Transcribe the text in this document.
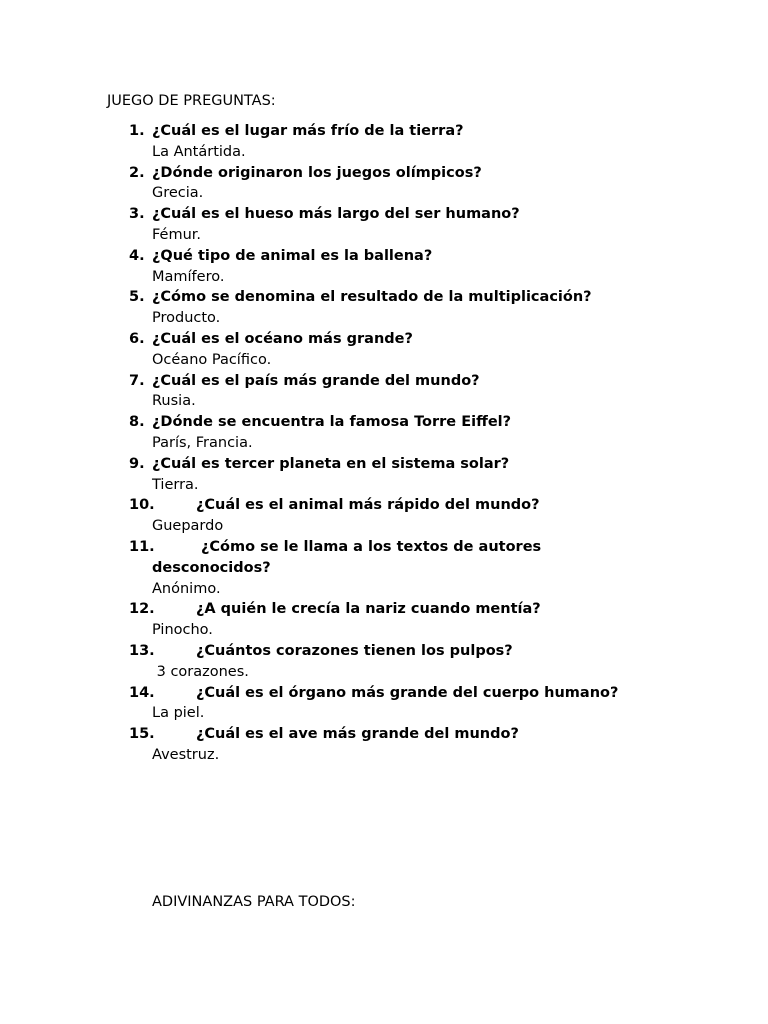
JUEGO DE PREGUNTAS:
1. ¿Cuál es el lugar más frío de la tierra?
La Antártida.
2. ¿Dónde originaron los juegos olímpicos?
Grecia.
3. ¿Cuál es el hueso más largo del ser humano?
Fémur.
4. ¿Qué tipo de animal es la ballena?
Mamífero.
5. ¿Cómo se denomina el resultado de la multiplicación?
Producto.
6. ¿Cuál es el océano más grande?
Océano Pacífico.
7. ¿Cuál es el país más grande del mundo?
Rusia.
8. ¿Dónde se encuentra la famosa Torre Eiffel?
París, Francia.
9. ¿Cuál es tercer planeta en el sistema solar?
Tierra.
10.	¿Cuál es el animal más rápido del mundo?
Guepardo
11.	¿Cómo se le llama a los textos de autores desconocidos?
Anónimo.
12.	¿A quién le crecía la nariz cuando mentía?
Pinocho.
13.	¿Cuántos corazones tienen los pulpos?
3 corazones.
14.	¿Cuál es el órgano más grande del cuerpo humano?
La piel.
15.	¿Cuál es el ave más grande del mundo?
Avestruz.
ADIVINANZAS PARA TODOS:
